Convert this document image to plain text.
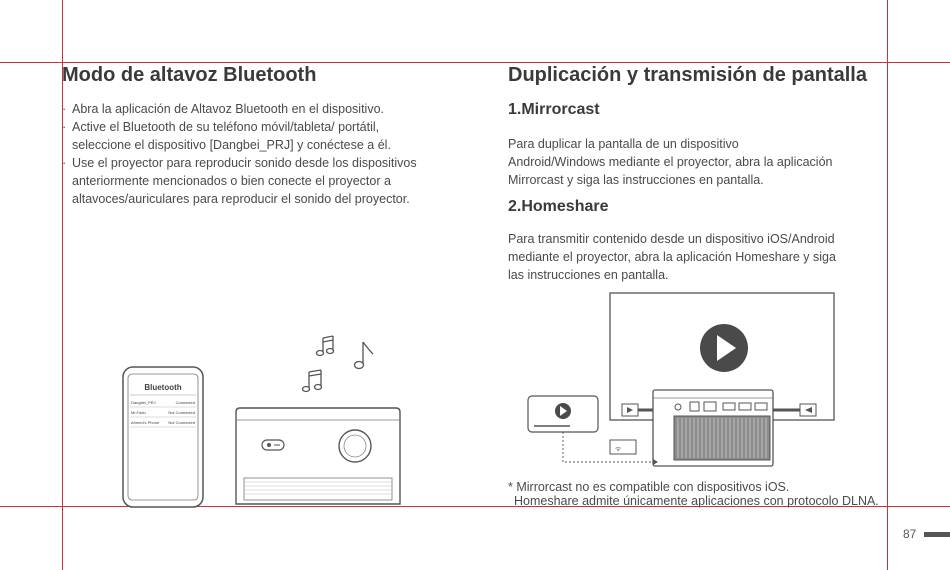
Modo de altavoz Bluetooth

· Abra la aplicación de Altavoz Bluetooth en el dispositivo.

· Active el Bluetooth de su teléfono móvil/tableta/ portátil,
seleccione el dispositivo [Dangbei_PRJ] y conéctese a él.

· Use el proyector para reproducir sonido desde los dispositivos
anteriormente mencionados o bien conecte el proyector a
altavoces/auriculares para reproducir el sonido del proyector.

Bluetooth
Dangbei_PRJ	Connected
Mr.Fadu	Not Connected
Ahmed’s Phone Not Connected
Duplicación y transmisión de pantalla
1.Mirrorcast
Para duplicar la pantalla de un dispositivo
Android/Windows mediante el proyector, abra la aplicación
Mirrorcast y siga las instrucciones en pantalla.
2.Homeshare
Para transmitir contenido desde un dispositivo iOS/Android
mediante el proyector, abra la aplicación Homeshare y siga
las instrucciones en pantalla.
ᯤ
* Mirrorcast no es compatible con dispositivos iOS.
Homeshare admite únicamente aplicaciones con protocolo DLNA.
87
